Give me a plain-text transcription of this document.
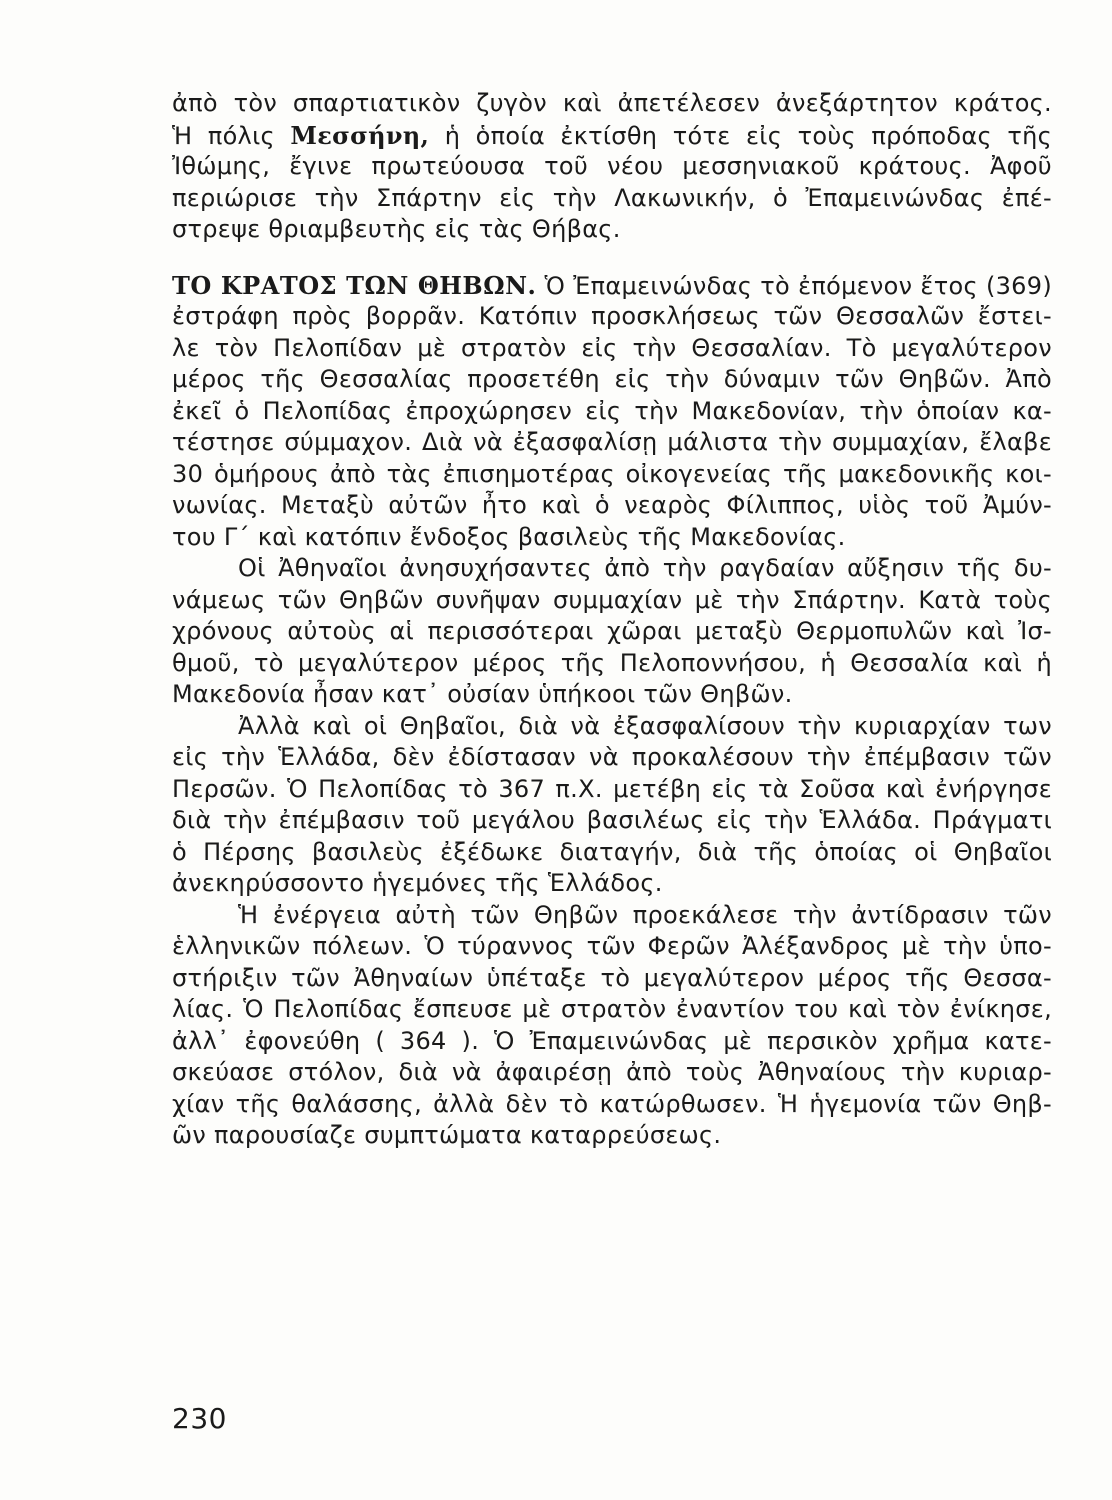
ἀπὸ τὸν σπαρτιατικὸν ζυγὸν καὶ ἀπετέλεσεν ἀνεξάρτητον κράτος.
Ἡ πόλις Μεσσήνη, ἡ ὁποία ἐκτίσθη τότε εἰς τοὺς πρόποδας τῆς
Ἰθώμης, ἔγινε πρωτεύουσα τοῦ νέου μεσσηνιακοῦ κράτους. Ἀφοῦ
περιώρισε τὴν Σπάρτην εἰς τὴν Λακωνικήν, ὁ Ἐπαμεινώνδας ἐπέ-
στρεψε θριαμβευτὴς εἰς τὰς Θήβας.
ΤΟ ΚΡΑΤΟΣ ΤΩΝ ΘΗΒΩΝ. Ὁ Ἐπαμεινώνδας τὸ ἐπόμενον ἔτος (369)
ἐστράφη πρὸς βορρᾶν. Κατόπιν προσκλήσεως τῶν Θεσσαλῶν ἔστει-
λε τὸν Πελοπίδαν μὲ στρατὸν εἰς τὴν Θεσσαλίαν. Τὸ μεγαλύτερον
μέρος τῆς Θεσσαλίας προσετέθη εἰς τὴν δύναμιν τῶν Θηβῶν. Ἀπὸ
ἐκεῖ ὁ Πελοπίδας ἐπροχώρησεν εἰς τὴν Μακεδονίαν, τὴν ὁποίαν κα-
τέστησε σύμμαχον. Διὰ νὰ ἐξασφαλίσῃ μάλιστα τὴν συμμαχίαν, ἔλαβε
30 ὁμήρους ἀπὸ τὰς ἐπισημοτέρας οἰκογενείας τῆς μακεδονικῆς κοι-
νωνίας. Μεταξὺ αὐτῶν ἦτο καὶ ὁ νεαρὸς Φίλιππος, υἱὸς τοῦ Ἀμύν-
του Γ΄ καὶ κατόπιν ἔνδοξος βασιλεὺς τῆς Μακεδονίας.
Οἱ Ἀθηναῖοι ἀνησυχήσαντες ἀπὸ τὴν ραγδαίαν αὔξησιν τῆς δυ-
νάμεως τῶν Θηβῶν συνῆψαν συμμαχίαν μὲ τὴν Σπάρτην. Κατὰ τοὺς
χρόνους αὐτοὺς αἱ περισσότεραι χῶραι μεταξὺ Θερμοπυλῶν καὶ Ἰσ-
θμοῦ, τὸ μεγαλύτερον μέρος τῆς Πελοποννήσου, ἡ Θεσσαλία καὶ ἡ
Μακεδονία ἦσαν κατ᾽ οὐσίαν ὑπήκοοι τῶν Θηβῶν.
Ἀλλὰ καὶ οἱ Θηβαῖοι, διὰ νὰ ἐξασφαλίσουν τὴν κυριαρχίαν των
εἰς τὴν Ἑλλάδα, δὲν ἐδίστασαν νὰ προκαλέσουν τὴν ἐπέμβασιν τῶν
Περσῶν. Ὁ Πελοπίδας τὸ 367 π.Χ. μετέβη εἰς τὰ Σοῦσα καὶ ἐνήργησε
διὰ τὴν ἐπέμβασιν τοῦ μεγάλου βασιλέως εἰς τὴν Ἑλλάδα. Πράγματι
ὁ Πέρσης βασιλεὺς ἐξέδωκε διαταγήν, διὰ τῆς ὁποίας οἱ Θηβαῖοι
ἀνεκηρύσσοντο ἡγεμόνες τῆς Ἑλλάδος.
Ἡ ἐνέργεια αὐτὴ τῶν Θηβῶν προεκάλεσε τὴν ἀντίδρασιν τῶν
ἑλληνικῶν πόλεων. Ὁ τύραννος τῶν Φερῶν Ἀλέξανδρος μὲ τὴν ὑπο-
στήριξιν τῶν Ἀθηναίων ὑπέταξε τὸ μεγαλύτερον μέρος τῆς Θεσσα-
λίας. Ὁ Πελοπίδας ἔσπευσε μὲ στρατὸν ἐναντίον του καὶ τὸν ἐνίκησε,
ἀλλ᾽ ἐφονεύθη ( 364 ). Ὁ Ἐπαμεινώνδας μὲ περσικὸν χρῆμα κατε-
σκεύασε στόλον, διὰ νὰ ἀφαιρέσῃ ἀπὸ τοὺς Ἀθηναίους τὴν κυριαρ-
χίαν τῆς θαλάσσης, ἀλλὰ δὲν τὸ κατώρθωσεν. Ἡ ἡγεμονία τῶν Θηβ-
ῶν παρουσίαζε συμπτώματα καταρρεύσεως.
230
